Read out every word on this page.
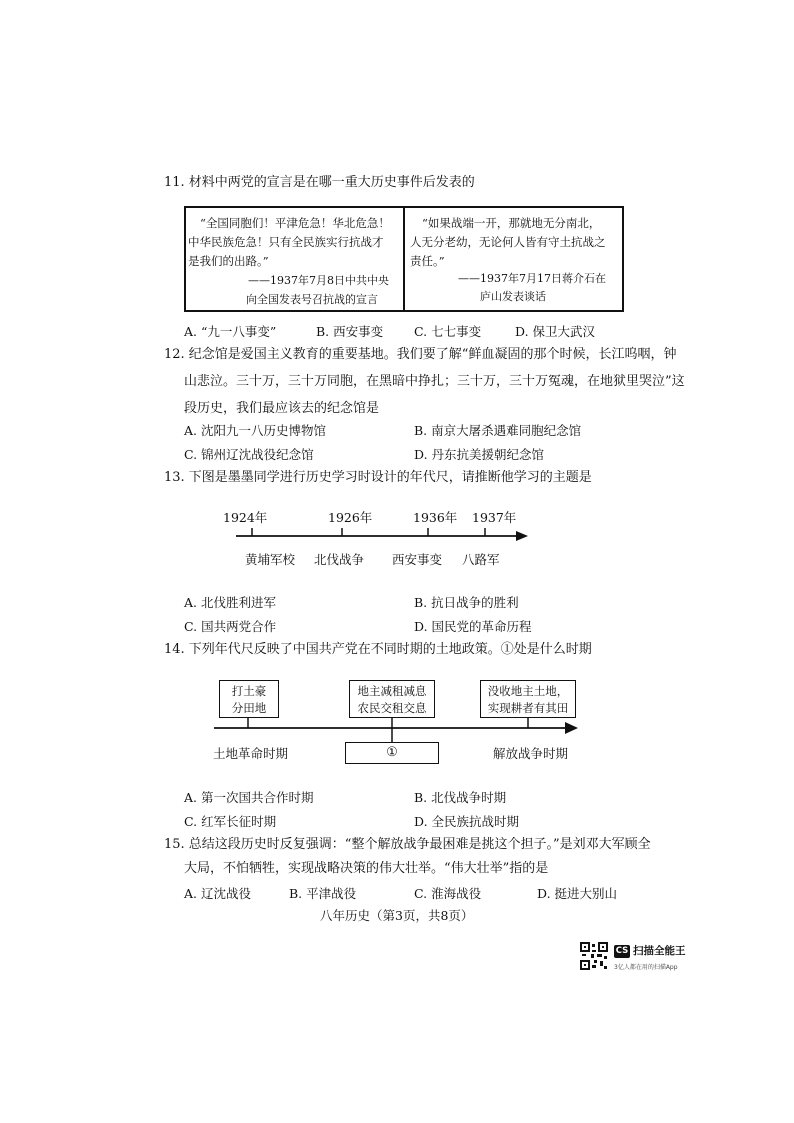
11. 材料中两党的宣言是在哪一重大历史事件后发表的
“全国同胞们！平津危急！华北危急！
中华民族危急！只有全民族实行抗战才
是我们的出路。”
——1937年7月8日中共中央
向全国发表号召抗战的宣言
“如果战端一开，那就地无分南北，
人无分老幼，无论何人皆有守土抗战之
责任。”
——1937年7月17日蒋介石在
庐山发表谈话
A. “九一八事变”	B. 西安事变 C. 七七事变	D. 保卫大武汉
12. 纪念馆是爱国主义教育的重要基地。我们要了解“鲜血凝固的那个时候，长江呜咽，钟
山悲泣。三十万，三十万同胞，在黑暗中挣扎；三十万，三十万冤魂，在地狱里哭泣”这
段历史，我们最应该去的纪念馆是
A. 沈阳九一八历史博物馆	B. 南京大屠杀遇难同胞纪念馆
C. 锦州辽沈战役纪念馆	D. 丹东抗美援朝纪念馆
13. 下图是墨墨同学进行历史学习时设计的年代尺，请推断他学习的主题是
1924年	1926年	1936年 1937年
黄埔军校 北伐战争 西安事变 八路军
A. 北伐胜利进军	B. 抗日战争的胜利
C. 国共两党合作	D. 国民党的革命历程
14. 下列年代尺反映了中国共产党在不同时期的土地政策。①处是什么时期
打土豪
分田地
地主减租减息
农民交租交息
没收地主土地，
实现耕者有其田
土地革命时期	①	解放战争时期
A. 第一次国共合作时期	B. 北伐战争时期
C. 红军长征时期	D. 全民族抗战时期
15. 总结这段历史时反复强调：“整个解放战争最困难是挑这个担子。”是刘邓大军顾全
大局，不怕牺牲，实现战略决策的伟大壮举。“伟大壮举”指的是
A. 辽沈战役	B. 平津战役	C. 淮海战役	D. 挺进大别山
八年历史（第3页，共8页）
CS 扫描全能王
3亿人都在用的扫描App
